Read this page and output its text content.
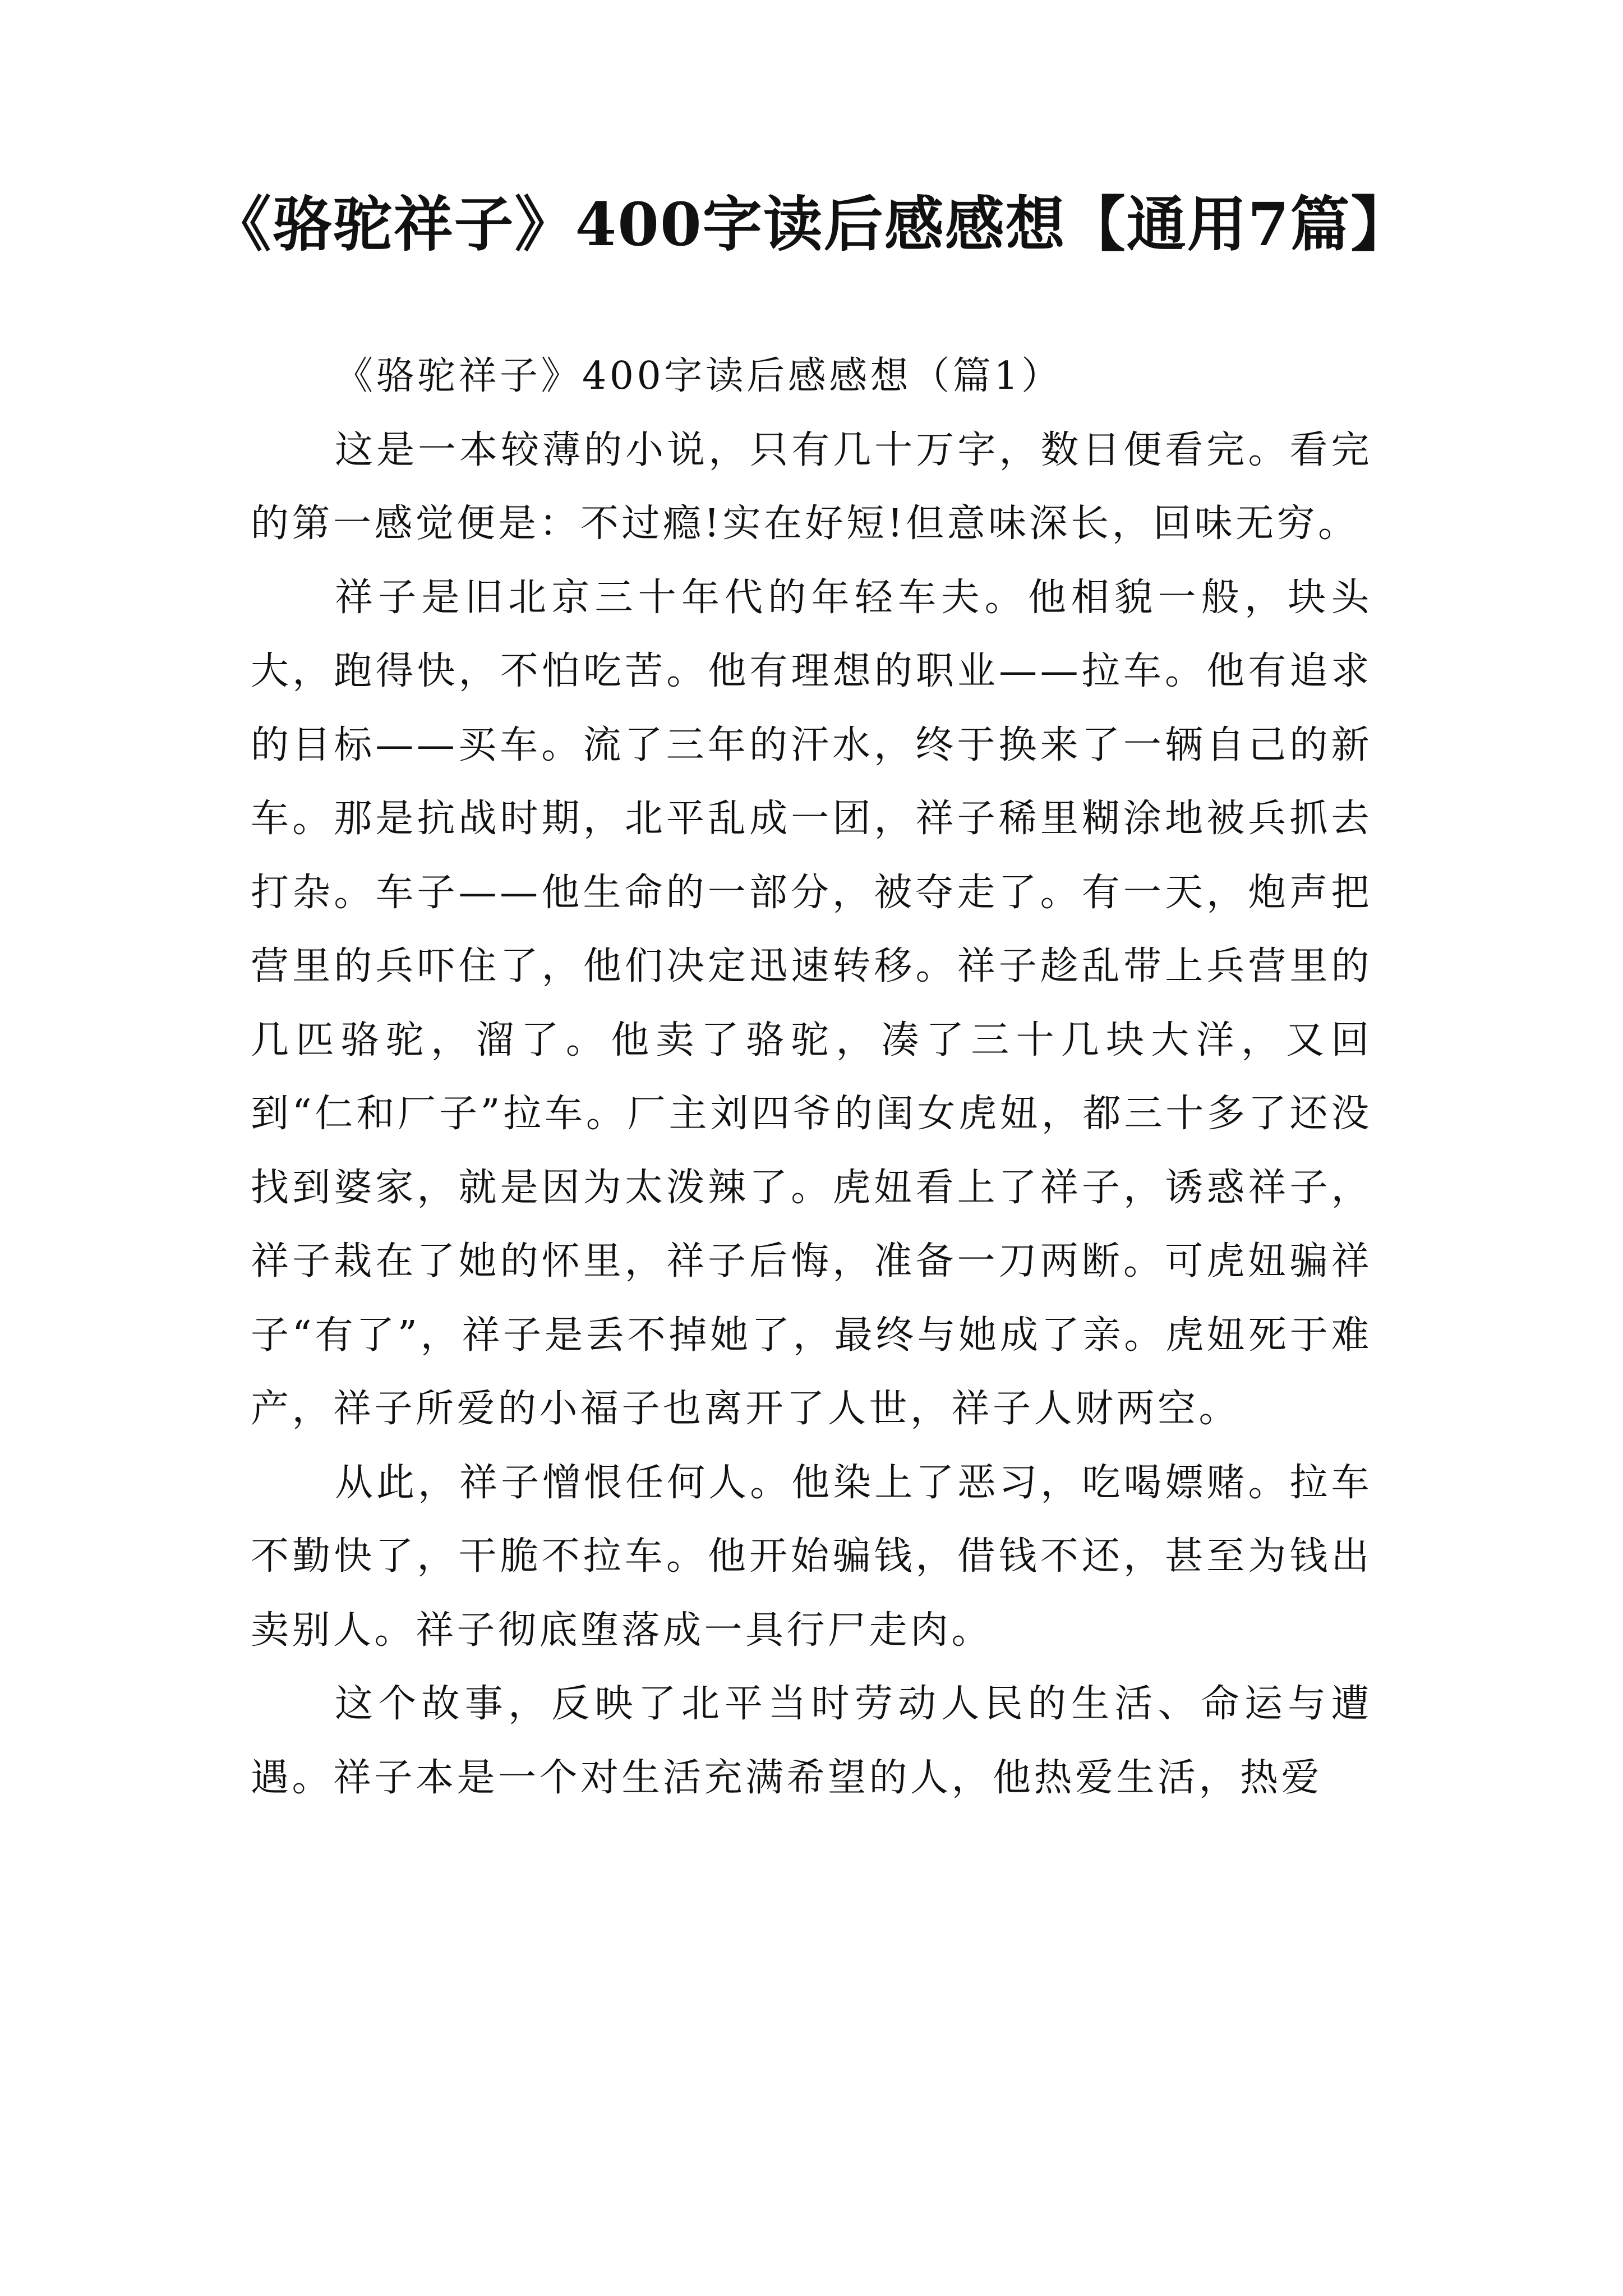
《骆驼祥子》400字读后感感想【通用7篇】
《骆驼祥子》400字读后感感想（篇1）

这是一本较薄的小说，只有几十万字，数日便看完。看完的第一感觉便是：不过瘾!实在好短!但意味深长，回味无穷。

祥子是旧北京三十年代的年轻车夫。他相貌一般，块头大，跑得快，不怕吃苦。他有理想的职业——拉车。他有追求的目标——买车。流了三年的汗水，终于换来了一辆自己的新车。那是抗战时期，北平乱成一团，祥子稀里糊涂地被兵抓去打杂。车子——他生命的一部分，被夺走了。有一天，炮声把营里的兵吓住了，他们决定迅速转移。祥子趁乱带上兵营里的几匹骆驼，溜了。他卖了骆驼，凑了三十几块大洋，又回到“仁和厂子”拉车。厂主刘四爷的闺女虎妞，都三十多了还没找到婆家，就是因为太泼辣了。虎妞看上了祥子，诱惑祥子，祥子栽在了她的怀里，祥子后悔，准备一刀两断。可虎妞骗祥子“有了”，祥子是丢不掉她了，最终与她成了亲。虎妞死于难产，祥子所爱的小福子也离开了人世，祥子人财两空。

从此，祥子憎恨任何人。他染上了恶习，吃喝嫖赌。拉车不勤快了，干脆不拉车。他开始骗钱，借钱不还，甚至为钱出卖别人。祥子彻底堕落成一具行尸走肉。

这个故事，反映了北平当时劳动人民的生活、命运与遭遇。祥子本是一个对生活充满希望的人，他热爱生活，热爱
